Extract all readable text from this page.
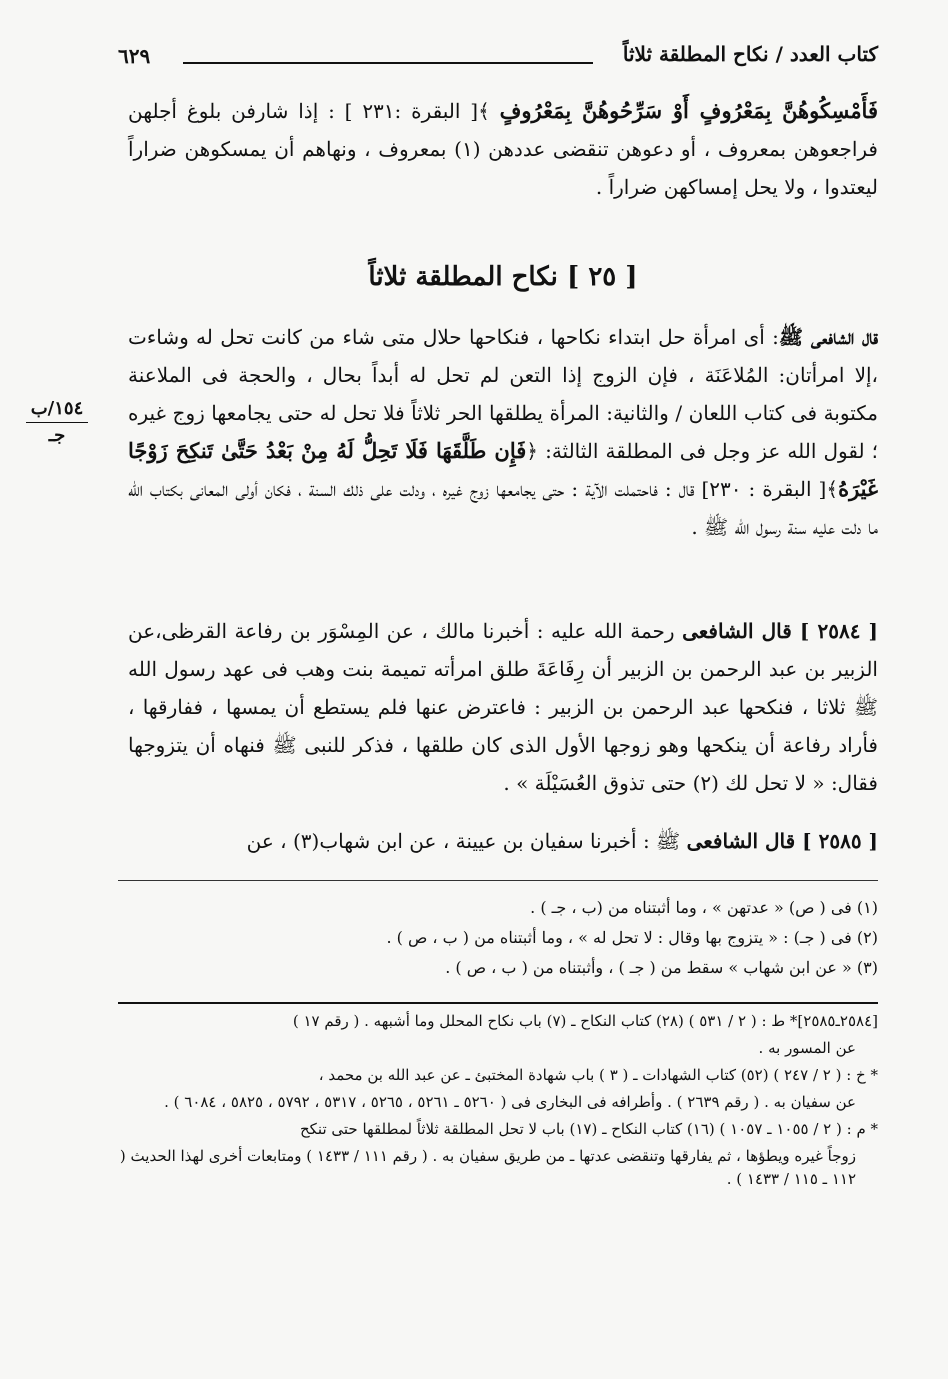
كتاب العدد / نكاح المطلقة ثلاثاً
٦٢٩

فَأَمْسِكُوهُنَّ بِمَعْرُوفٍ أَوْ سَرِّحُوهُنَّ بِمَعْرُوفٍ ﴾[ البقرة :٢٣١ ] : إذا شارفن بلوغ أجلهن فراجعوهن بمعروف ، أو دعوهن تنقضى عددهن (١) بمعروف ، ونهاهم أن يمسكوهن ضراراً ليعتدوا ، ولا يحل إمساكهن ضراراً .

[ ٢٥ ] نكاح المطلقة ثلاثاً

قال الشافعى ﷺ: أى امرأة حل ابتداء نكاحها ، فنكاحها حلال متى شاء من كانت تحل له وشاءت ،إلا امرأتان: المُلاعَنَة ، فإن الزوج إذا التعن لم تحل له أبداً بحال ، والحجة فى الملاعنة مكتوبة فى كتاب اللعان / والثانية: المرأة يطلقها الحر ثلاثاً فلا تحل له حتى يجامعها زوج غيره ؛ لقول الله عز وجل فى المطلقة الثالثة: ﴿فَإِن طَلَّقَهَا فَلَا تَحِلُّ لَهُ مِنْ بَعْدُ حَتَّىٰ تَنكِحَ زَوْجًا غَيْرَهُ﴾[ البقرة : ٢٣٠] قال : فاحتملت الآية : حتى يجامعها زوج غيره ، ودلت على ذلك السنة ، فكان أولى المعانى بكتاب الله ما دلت عليه سنة رسول الله ﷺ .

١٥٤/ب
جـ

[ ٢٥٨٤ ] قال الشافعى رحمة الله عليه : أخبرنا مالك ، عن المِسْوَر بن رفاعة القرظى،عن الزبير بن عبد الرحمن بن الزبير أن رِفَاعَةَ طلق امرأته تميمة بنت وهب فى عهد رسول الله ﷺ ثلاثا ، فنكحها عبد الرحمن بن الزبير : فاعترض عنها فلم يستطع أن يمسها ، ففارقها ، فأراد رفاعة أن ينكحها وهو زوجها الأول الذى كان طلقها ، فذكر للنبى ﷺ فنهاه أن يتزوجها فقال: « لا تحل لك (٢) حتى تذوق العُسَيْلَة » .

[ ٢٥٨٥ ] قال الشافعى ﷺ : أخبرنا سفيان بن عيينة ، عن ابن شهاب(٣) ، عن

(١) فى ( ص) « عدتهن » ، وما أثبتناه من (ب ، جـ ) .

(٢) فى ( جـ) : « يتزوج بها وقال : لا تحل له » ، وما أثبتناه من ( ب ، ص ) .

(٣) « عن ابن شهاب » سقط من ( جـ ) ، وأثبتناه من ( ب ، ص ) .

[٢٥٨٤ـ٢٥٨٥]* ط : ( ٢ / ٥٣١ ) (٢٨) كتاب النكاح ـ (٧) باب نكاح المحلل وما أشبهه . ( رقم ١٧ )

عن المسور به .

* خ : ( ٢ / ٢٤٧ ) (٥٢) كتاب الشهادات ـ ( ٣ ) باب شهادة المختبئ ـ عن عبد الله بن محمد ،

عن سفيان به . ( رقم ٢٦٣٩ ) . وأطرافه فى البخارى فى ( ٥٢٦٠ ـ ٥٢٦١ ، ٥٢٦٥ ، ٥٣١٧ ، ٥٧٩٢ ، ٥٨٢٥ ، ٦٠٨٤ ) .

* م : ( ٢ / ١٠٥٥ ـ ١٠٥٧ ) (١٦) كتاب النكاح ـ (١٧) باب لا تحل المطلقة ثلاثاً لمطلقها حتى تنكح

زوجاً غيره ويطؤها ، ثم يفارقها وتنقضى عدتها ـ من طريق سفيان به . ( رقم ١١١ / ١٤٣٣ ) ومتابعات أخرى لهذا الحديث ( ١١٢ ـ ١١٥ / ١٤٣٣ ) .
